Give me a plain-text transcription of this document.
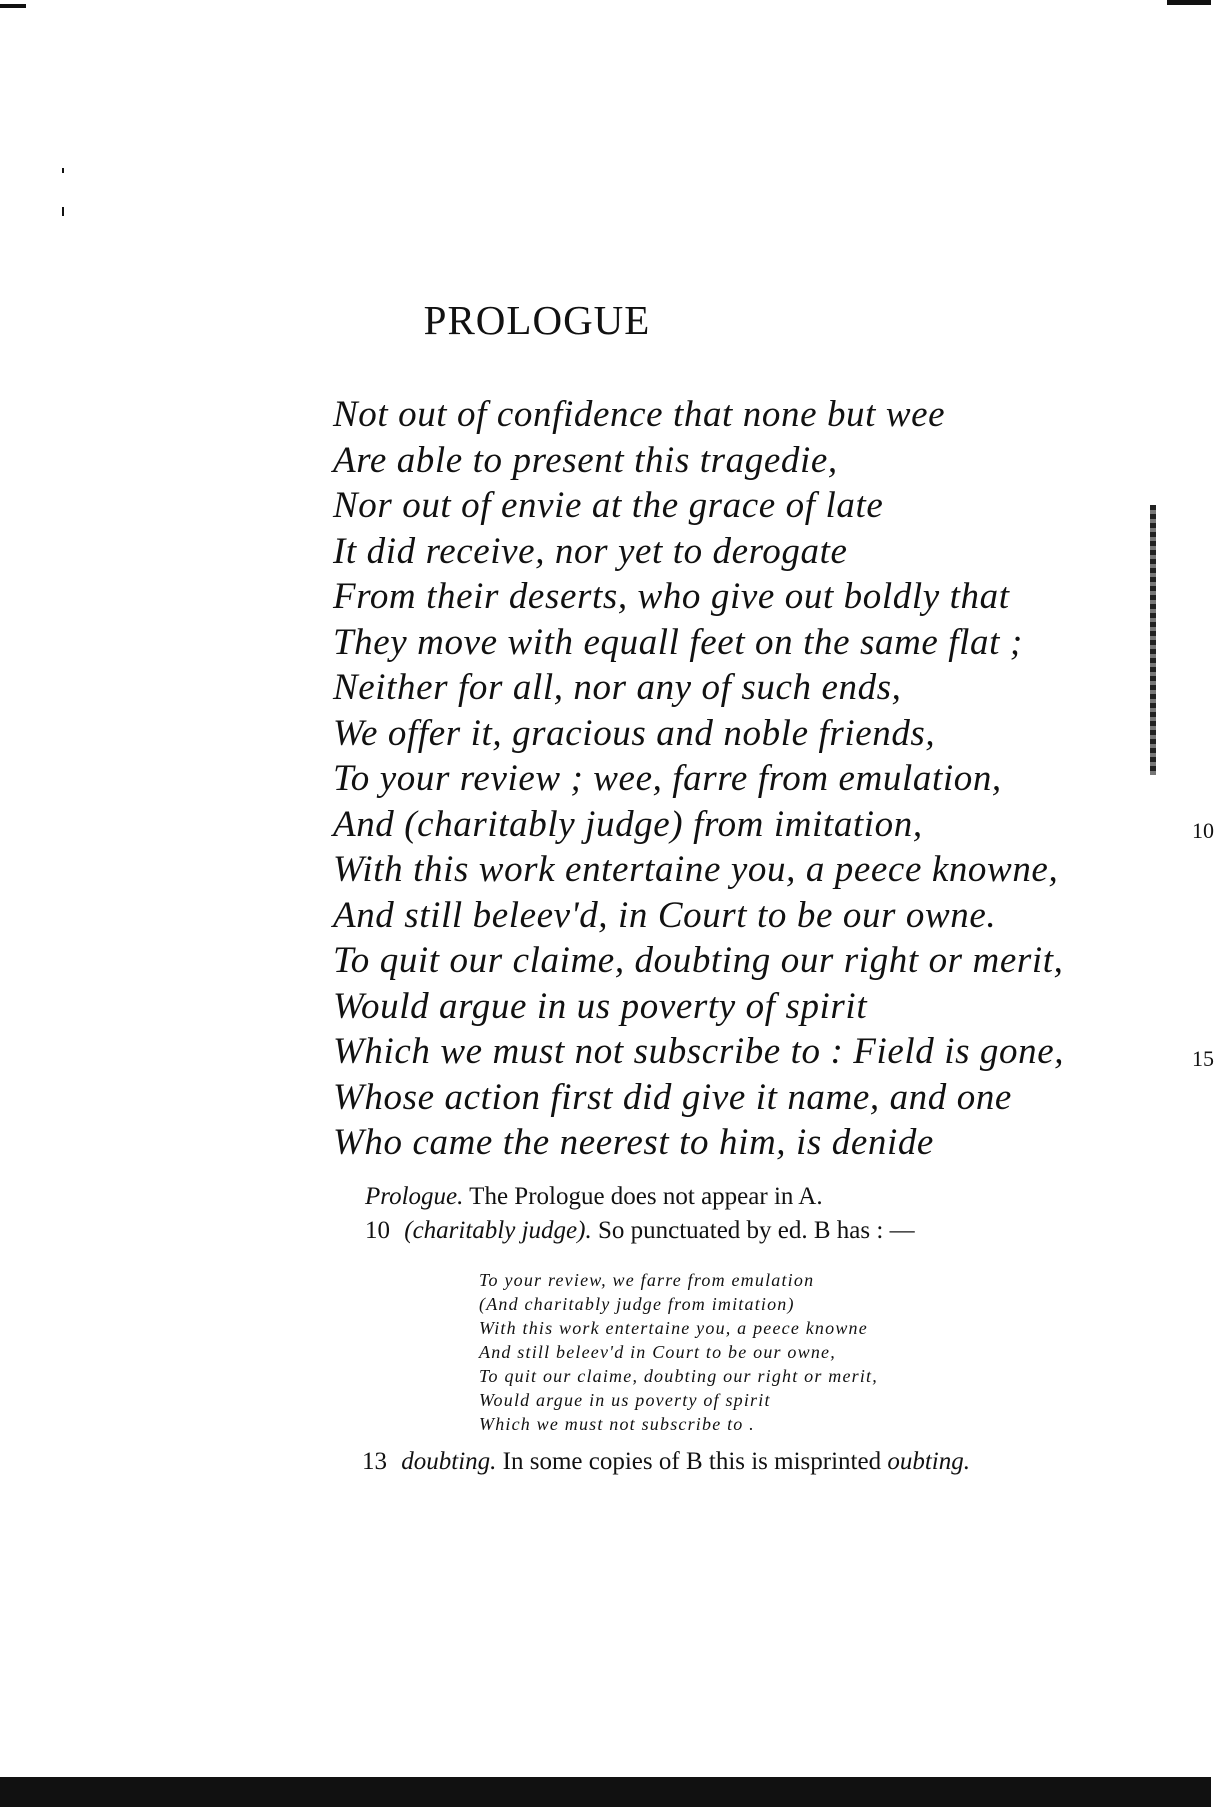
PROLOGUE
Not out of confidence that none but wee
Are able to present this tragedie,
Nor out of envie at the grace of late
It did receive, nor yet to derogate
From their deserts, who give out boldly that
They move with equall feet on the same flat ;
Neither for all, nor any of such ends,
We offer it, gracious and noble friends,
To your review ; wee, farre from emulation,
And (charitably judge) from imitation,
With this work entertaine you, a peece knowne,
And still beleev'd, in Court to be our owne.
To quit our claime, doubting our right or merit,
Would argue in us poverty of spirit
Which we must not subscribe to : Field is gone,
Whose action first did give it name, and one
Who came the neerest to him, is denide
10
15
Prologue. The Prologue does not appear in A.
10 (charitably judge). So punctuated by ed. B has : —
To your review, we farre from emulation
(And charitably judge from imitation)
With this work entertaine you, a peece knowne
And still beleev'd in Court to be our owne,
To quit our claime, doubting our right or merit,
Would argue in us poverty of spirit
Which we must not subscribe to .
13 doubting. In some copies of B this is misprinted oubting.
